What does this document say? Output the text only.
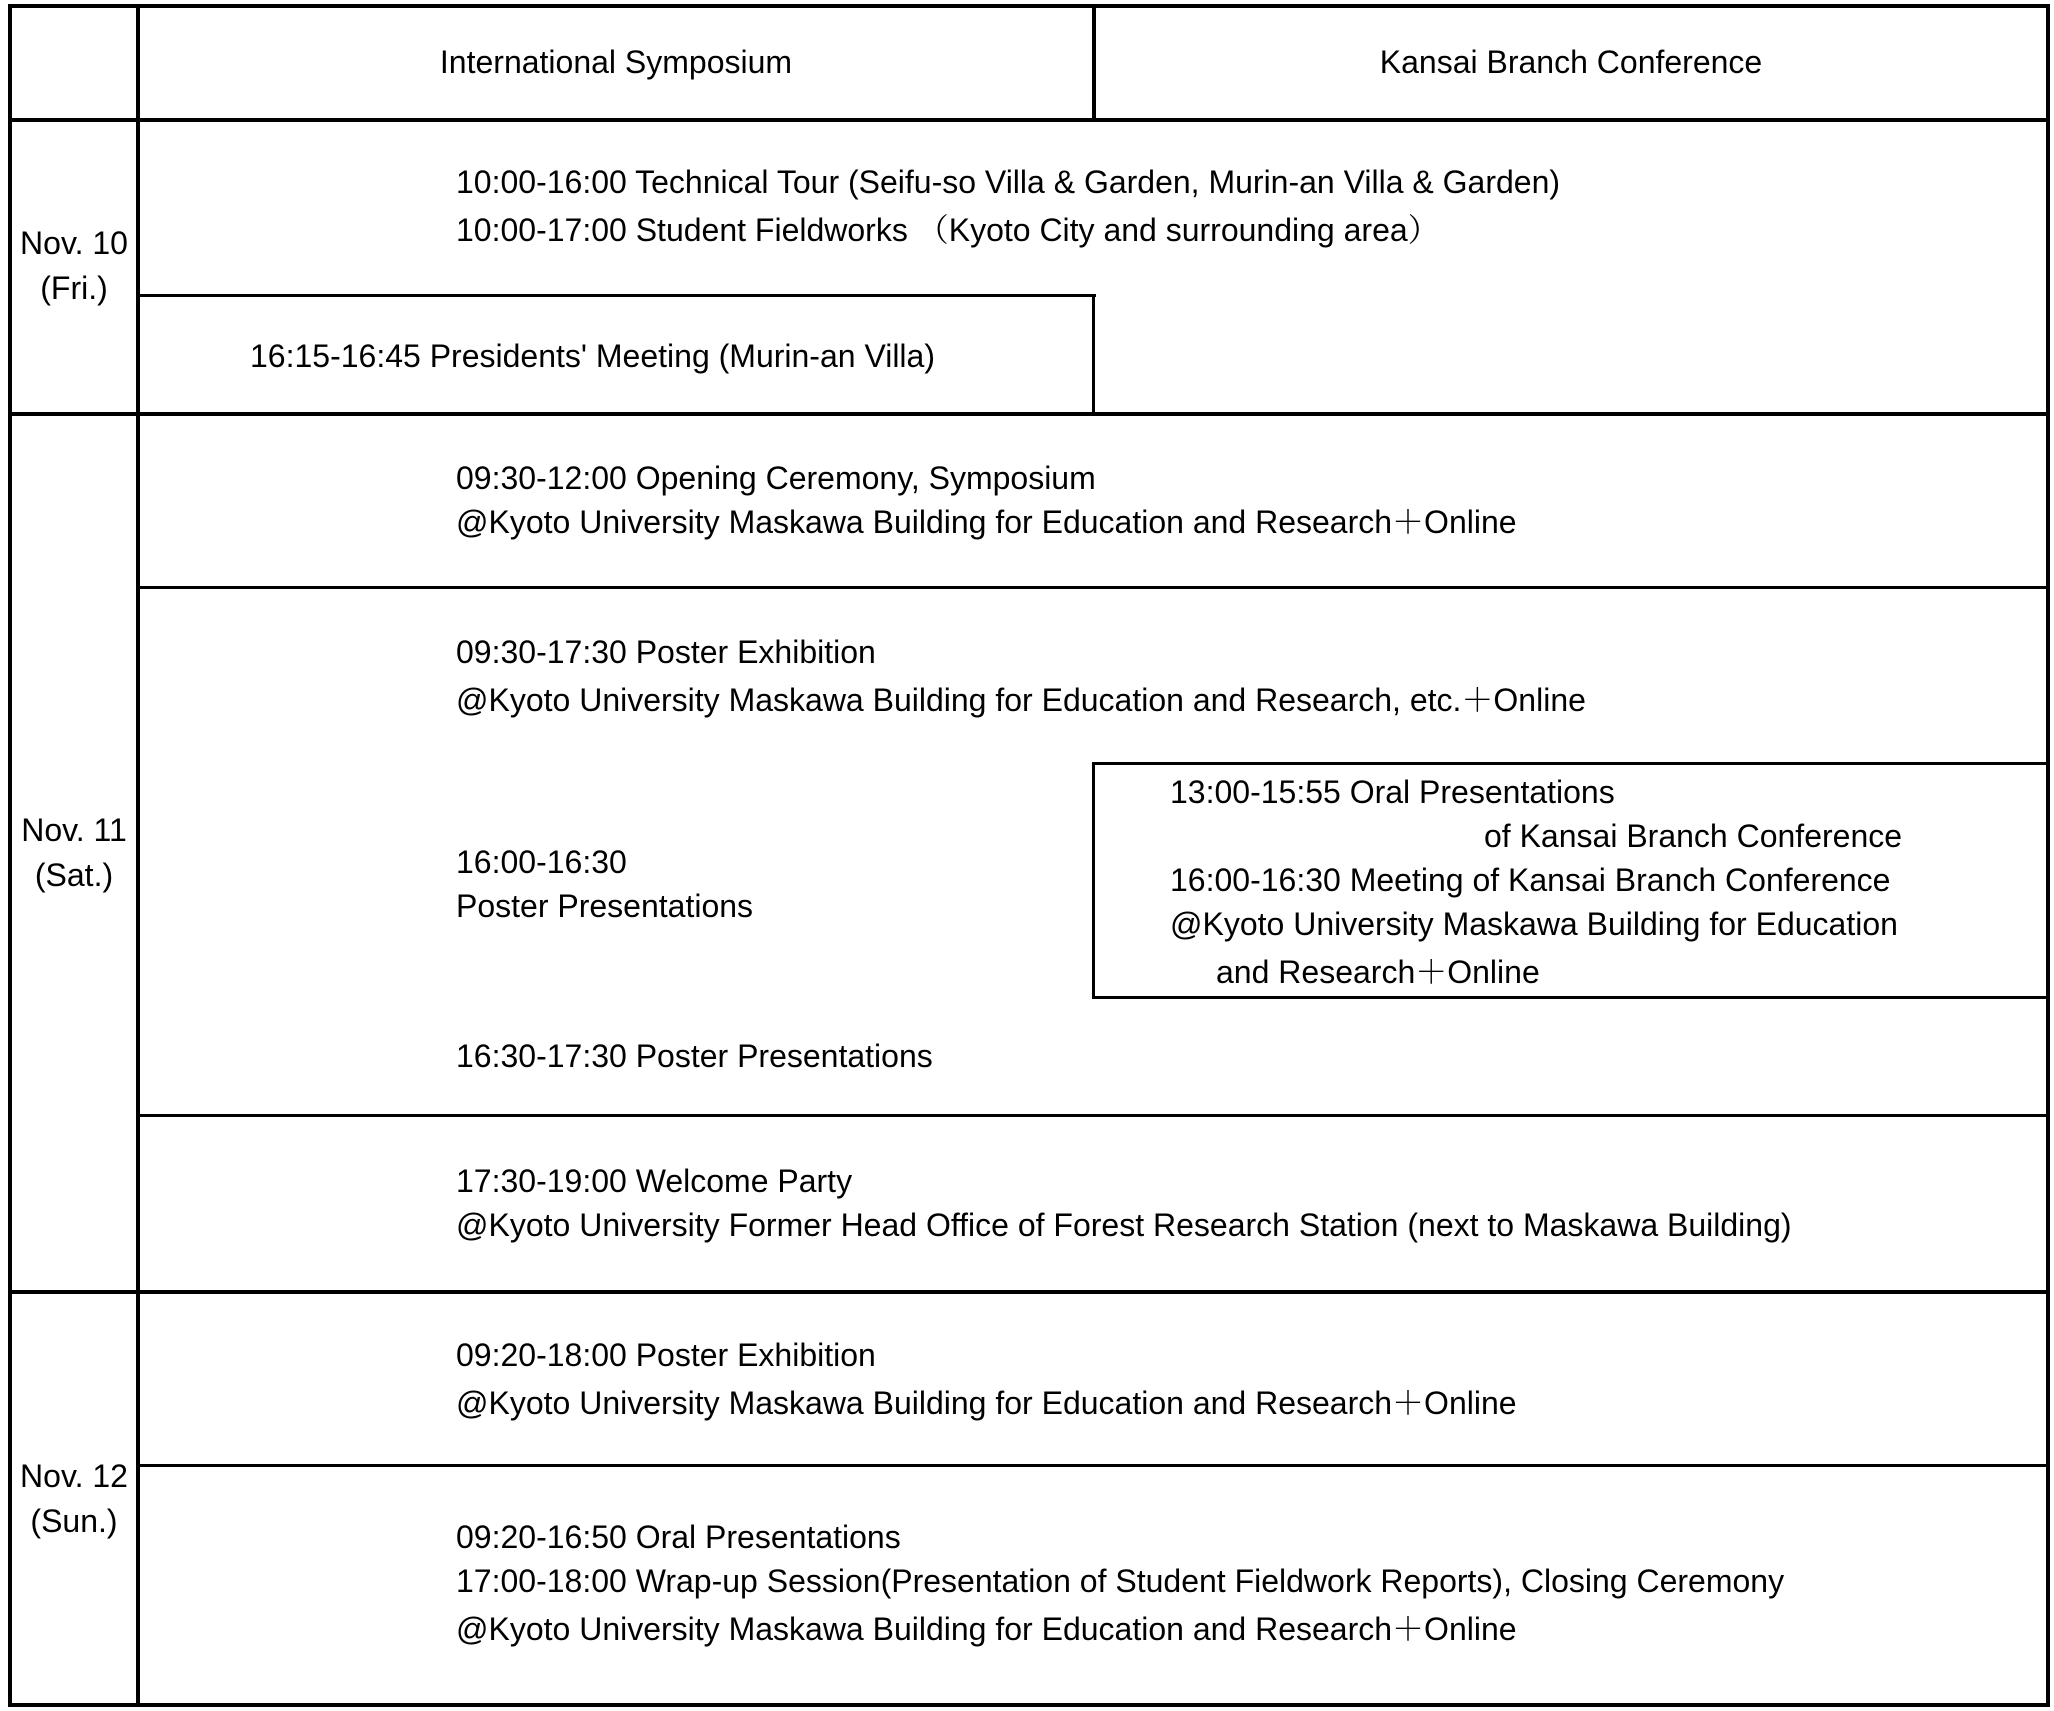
International Symposium	Kansai Branch Conference
Nov. 10
(Fri.)
Nov. 11
(Sat.)
Nov. 12
(Sun.)
10:00-16:00 Technical Tour (Seifu-so Villa & Garden, Murin-an Villa & Garden)
10:00-17:00 Student Fieldworks （Kyoto City and surrounding area）
16:15-16:45 Presidents' Meeting (Murin-an Villa)
09:30-12:00 Opening Ceremony, Symposium
@Kyoto University Maskawa Building for Education and Research＋Online
09:30-17:30 Poster Exhibition
@Kyoto University Maskawa Building for Education and Research, etc.＋Online
16:00-16:30
Poster Presentations
13:00-15:55 Oral Presentations
of Kansai Branch Conference
16:00-16:30 Meeting of Kansai Branch Conference
@Kyoto University Maskawa Building for Education
and Research＋Online
16:30-17:30 Poster Presentations
17:30-19:00 Welcome Party
@Kyoto University Former Head Office of Forest Research Station (next to Maskawa Building)
09:20-18:00 Poster Exhibition
@Kyoto University Maskawa Building for Education and Research＋Online
09:20-16:50 Oral Presentations
17:00-18:00 Wrap-up Session(Presentation of Student Fieldwork Reports), Closing Ceremony
@Kyoto University Maskawa Building for Education and Research＋Online
